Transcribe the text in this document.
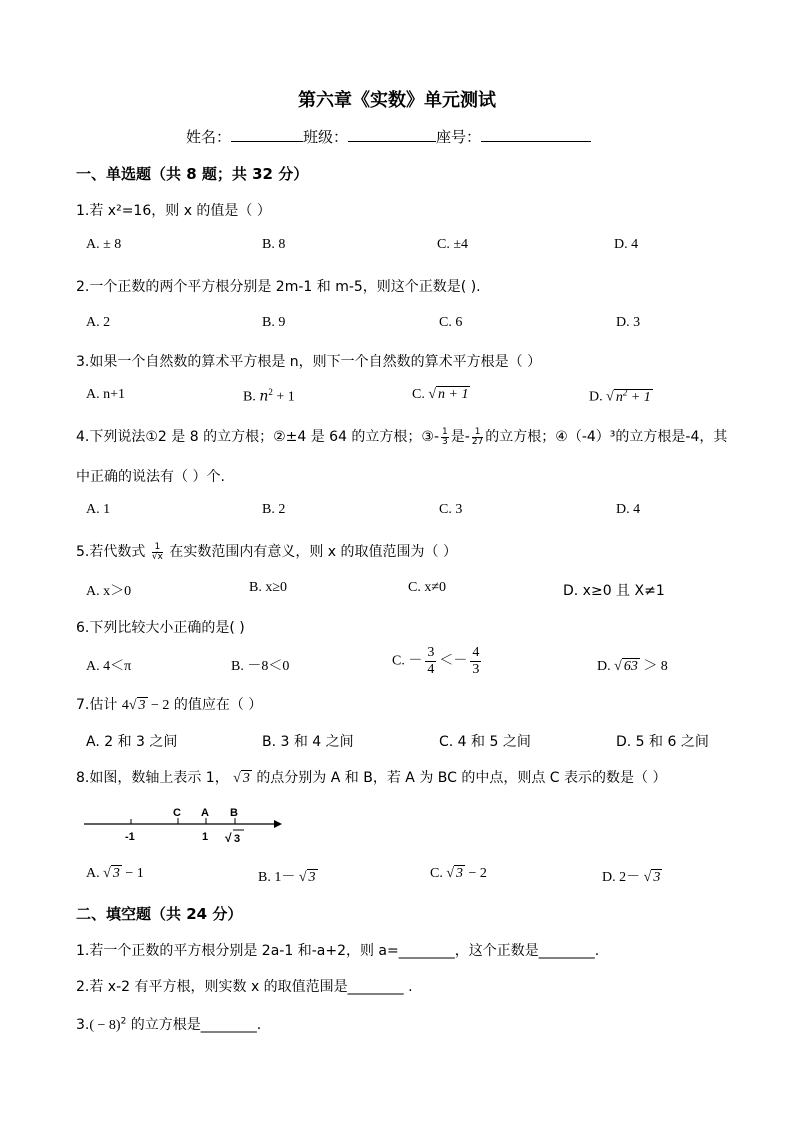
第六章《实数》单元测试
姓名：	班级：	座号：
一、单选题（共 8 题；共 32 分）
1.若 x²=16，则 x 的值是（ ）
A. ± 8	B. 8	C. ±4	D. 4
2.一个正数的两个平方根分别是 2m-1 和 m-5，则这个正数是( ).
A. 2	B. 9	C. 6	D. 3
3.如果一个自然数的算术平方根是 n，则下一个自然数的算术平方根是（ ）
A. n+1	B. $n^2 + 1$	C. √ n + 1	D. √ $n^2 + 1$
4.下列说法①2 是 8 的立方根；②±4 是 64 的立方根；③- $\frac{1}{3}$ 是- $\frac{1}{27}$ 的立方根；④（-4）³的立方根是-4，其
中正确的说法有（ ）个.
A. 1	B. 2	C. 3	D. 4
5.若代数式 $\frac{1}{√x}$ 在实数范围内有意义，则 x 的取值范围为（ ）
A. x＞0	B. x≥0	C. x≠0	D. x≥0 且 X≠1
6.下列比较大小正确的是( )
A. 4＜π	B. －8＜0	C. － $\frac{3}{4} <- \frac{4}{3}$	D. √ 63 ＞ 8
7.估计 4√ 3 − 2 的值应在（ ）
A. 2 和 3 之间	B. 3 和 4 之间	C. 4 和 5 之间	D. 5 和 6 之间
8.如图，数轴上表示 1， √ 3 的点分别为 A 和 B，若 A 为 BC 的中点，则点 C 表示的数是（ ）
C A B
-1	1 √ 3
A. √ 3 − 1	B. 1－ √ 3	C. √ 3 − 2	D. 2－ √ 3
二、填空题（共 24 分）
1.若一个正数的平方根分别是 2a-1 和-a+2，则 a=________，这个正数是________.
2.若 x-2 有平方根，则实数 x 的取值范围是________ .
$3.( - 8)^2$ 的立方根是________.
